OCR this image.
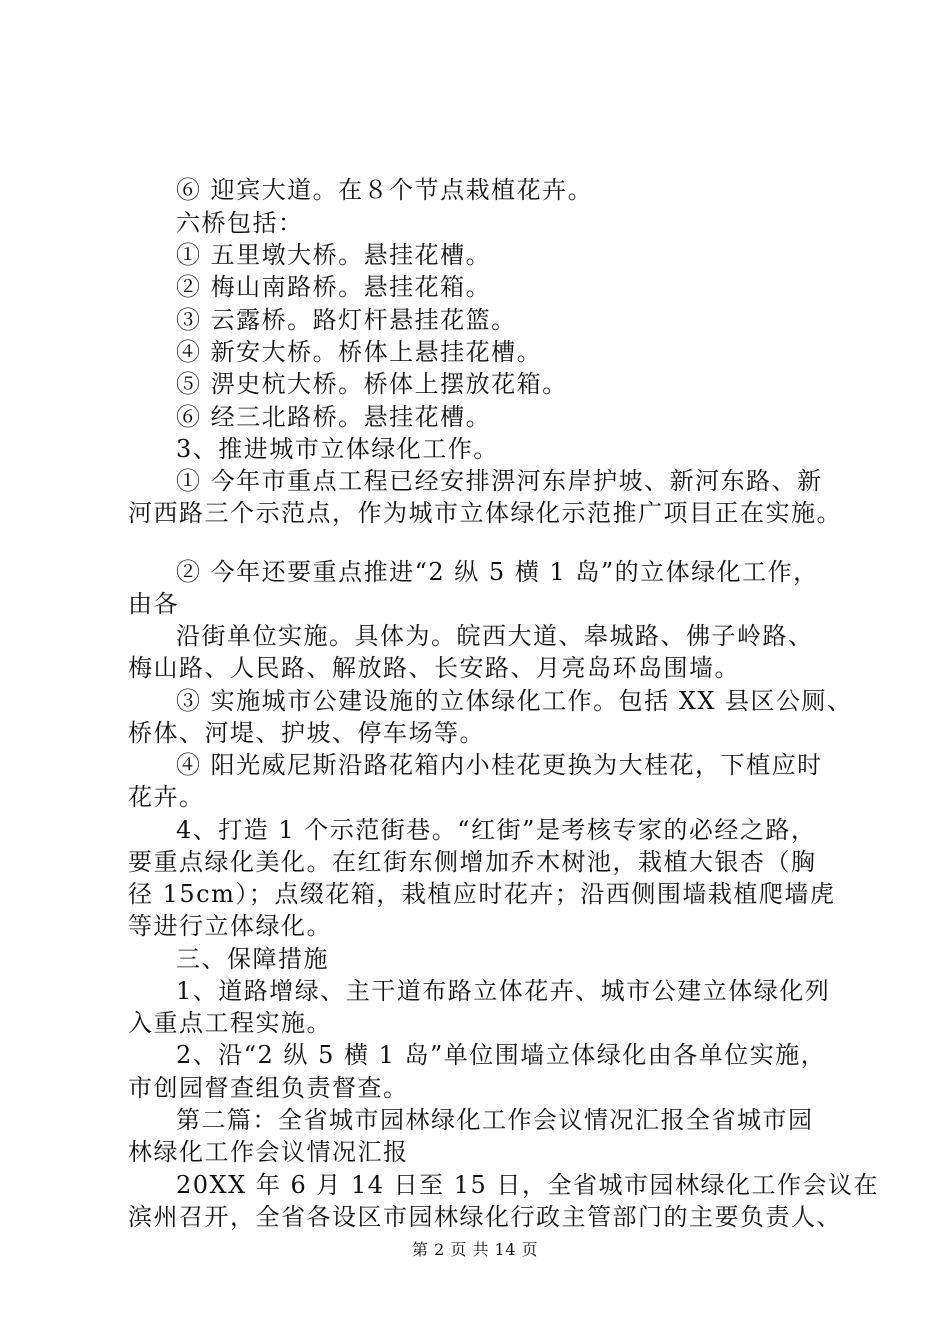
⑥ 迎宾大道。在８个节点栽植花卉。
六桥包括：
① 五里墩大桥。悬挂花槽。
② 梅山南路桥。悬挂花箱。
③ 云露桥。路灯杆悬挂花篮。
④ 新安大桥。桥体上悬挂花槽。
⑤ 淠史杭大桥。桥体上摆放花箱。
⑥ 经三北路桥。悬挂花槽。
3、推进城市立体绿化工作。
① 今年市重点工程已经安排淠河东岸护坡、新河东路、新
河西路三个示范点，作为城市立体绿化示范推广项目正在实施。
② 今年还要重点推进“2 纵 5 横 1 岛”的立体绿化工作，
由各
沿街单位实施。具体为。皖西大道、皋城路、佛子岭路、
梅山路、人民路、解放路、长安路、月亮岛环岛围墙。
③ 实施城市公建设施的立体绿化工作。包括 XX 县区公厕、
桥体、河堤、护坡、停车场等。
④ 阳光威尼斯沿路花箱内小桂花更换为大桂花，下植应时
花卉。
4、打造 1 个示范街巷。“红街”是考核专家的必经之路，
要重点绿化美化。在红街东侧增加乔木树池，栽植大银杏（胸
径 15cm）；点缀花箱，栽植应时花卉；沿西侧围墙栽植爬墙虎
等进行立体绿化。
三、保障措施
1、道路增绿、主干道布路立体花卉、城市公建立体绿化列
入重点工程实施。
2、沿“2 纵 5 横 1 岛”单位围墙立体绿化由各单位实施，
市创园督查组负责督查。
第二篇：全省城市园林绿化工作会议情况汇报全省城市园
林绿化工作会议情况汇报
20XX 年 6 月 14 日至 15 日，全省城市园林绿化工作会议在
滨州召开，全省各设区市园林绿化行政主管部门的主要负责人、
第 2 页 共 14 页
